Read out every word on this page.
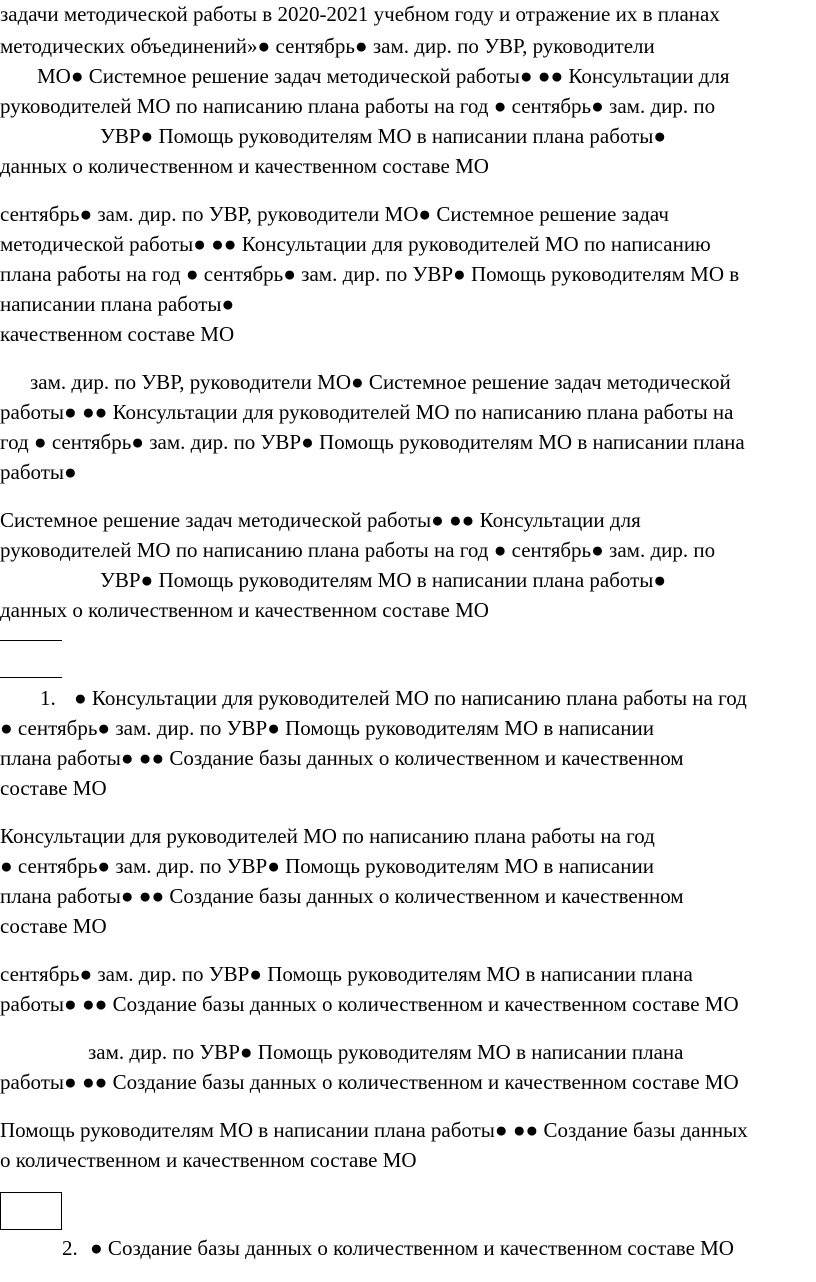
задачи методической работы в 2020-2021 учебном году и отражение их в планах
методических объединений»● сентябрь● зам. дир. по УВР, руководители
МО● Системное решение задач методической работы● ●● Консультации для
руководителей МО по написанию плана работы на год ● сентябрь● зам. дир. по
УВР● Помощь руководителям МО в написании плана работы●
данных о количественном и качественном составе МО
сентябрь● зам. дир. по УВР, руководители МО● Системное решение задач
методической работы● ●● Консультации для руководителей МО по написанию
плана работы на год ● сентябрь● зам. дир. по УВР● Помощь руководителям МО в
написании плана работы●
качественном составе МО
зам. дир. по УВР, руководители МО● Системное решение задач методической
работы● ●● Консультации для руководителей МО по написанию плана работы на
год ● сентябрь● зам. дир. по УВР● Помощь руководителям МО в написании плана
работы●
Системное решение задач методической работы● ●● Консультации для
руководителей МО по написанию плана работы на год ● сентябрь● зам. дир. по
УВР● Помощь руководителям МО в написании плана работы●
данных о количественном и качественном составе МО
1. ● Консультации для руководителей МО по написанию плана работы на год
● сентябрь● зам. дир. по УВР● Помощь руководителям МО в написании
плана работы● ●● Создание базы данных о количественном и качественном
составе МО
Консультации для руководителей МО по написанию плана работы на год
● сентябрь● зам. дир. по УВР● Помощь руководителям МО в написании
плана работы● ●● Создание базы данных о количественном и качественном
составе МО
сентябрь● зам. дир. по УВР● Помощь руководителям МО в написании плана
работы● ●● Создание базы данных о количественном и качественном составе МО
зам. дир. по УВР● Помощь руководителям МО в написании плана
работы● ●● Создание базы данных о количественном и качественном составе МО
Помощь руководителям МО в написании плана работы● ●● Создание базы данных
о количественном и качественном составе МО
2. ● Создание базы данных о количественном и качественном составе МО
